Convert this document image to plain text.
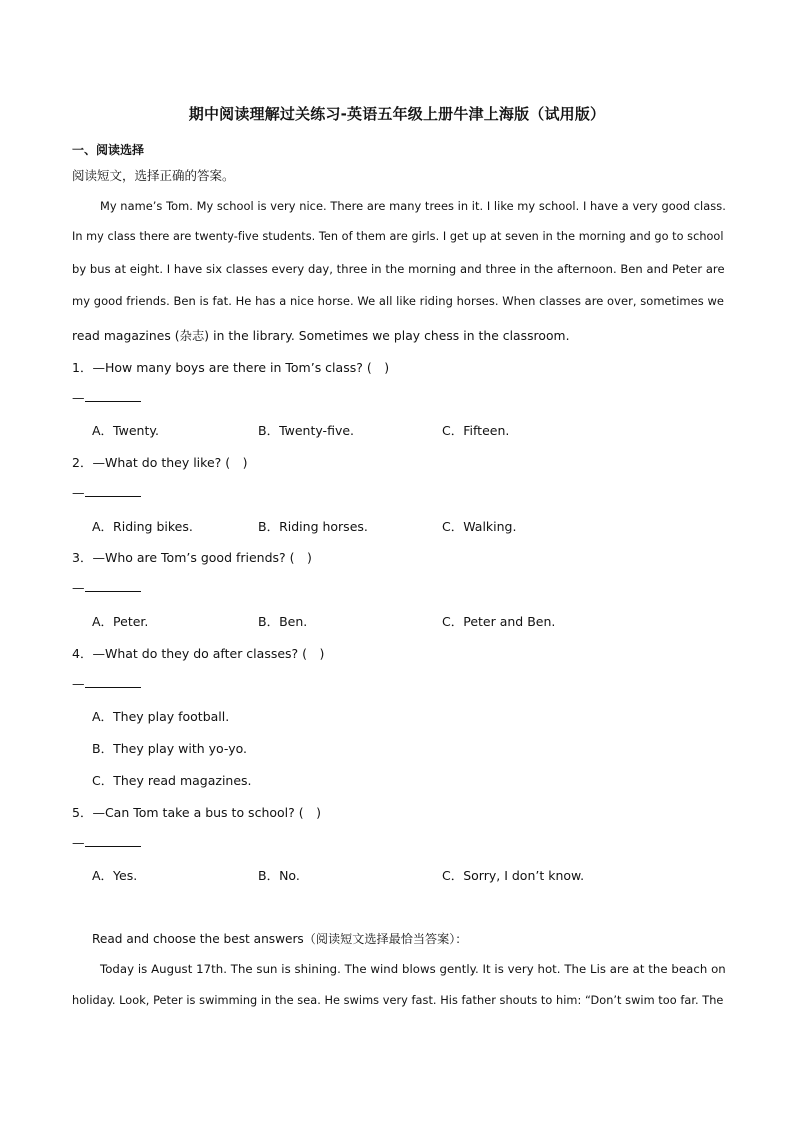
期中阅读理解过关练习-英语五年级上册牛津上海版（试用版）
一、阅读选择
阅读短文，选择正确的答案。
My name’s Tom. My school is very nice. There are many trees in it. I like my school. I have a very good class.
In my class there are twenty-five students. Ten of them are girls. I get up at seven in the morning and go to school
by bus at eight. I have six classes every day, three in the morning and three in the afternoon. Ben and Peter are
my good friends. Ben is fat. He has a nice horse. We all like riding horses. When classes are over, sometimes we
read magazines (杂志) in the library. Sometimes we play chess in the classroom.
1．—How many boys are there in Tom’s class? (　)
—
A．Twenty.	B．Twenty-five.	C．Fifteen.
2．—What do they like? (　)
—
A．Riding bikes.	B．Riding horses.	C．Walking.
3．—Who are Tom’s good friends? (　)
—
A．Peter.	B．Ben.	C．Peter and Ben.
4．—What do they do after classes? (　)
—
A．They play football.
B．They play with yo-yo.
C．They read magazines.
5．—Can Tom take a bus to school? (　)
—
A．Yes.	B．No.	C．Sorry, I don’t know.
Read and choose the best answers（阅读短文选择最恰当答案）：
Today is August 17th. The sun is shining. The wind blows gently. It is very hot. The Lis are at the beach on
holiday. Look, Peter is swimming in the sea. He swims very fast. His father shouts to him: “Don’t swim too far. The
